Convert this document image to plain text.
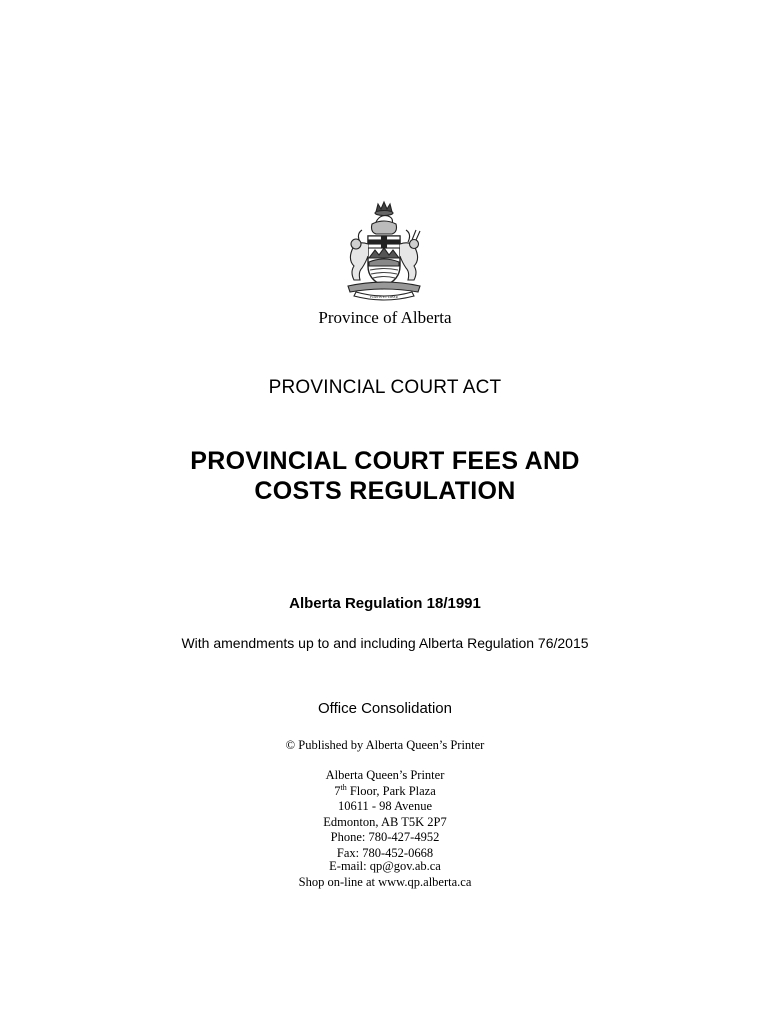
FORTIS ET LIBER
Province of Alberta
PROVINCIAL COURT ACT
PROVINCIAL COURT FEES AND
COSTS REGULATION
Alberta Regulation 18/1991
With amendments up to and including Alberta Regulation 76/2015
Office Consolidation
© Published by Alberta Queen’s Printer
Alberta Queen’s Printer
7th Floor, Park Plaza
10611 - 98 Avenue
Edmonton, AB T5K 2P7
Phone: 780-427-4952
Fax: 780-452-0668
E-mail: qp@gov.ab.ca
Shop on-line at www.qp.alberta.ca
